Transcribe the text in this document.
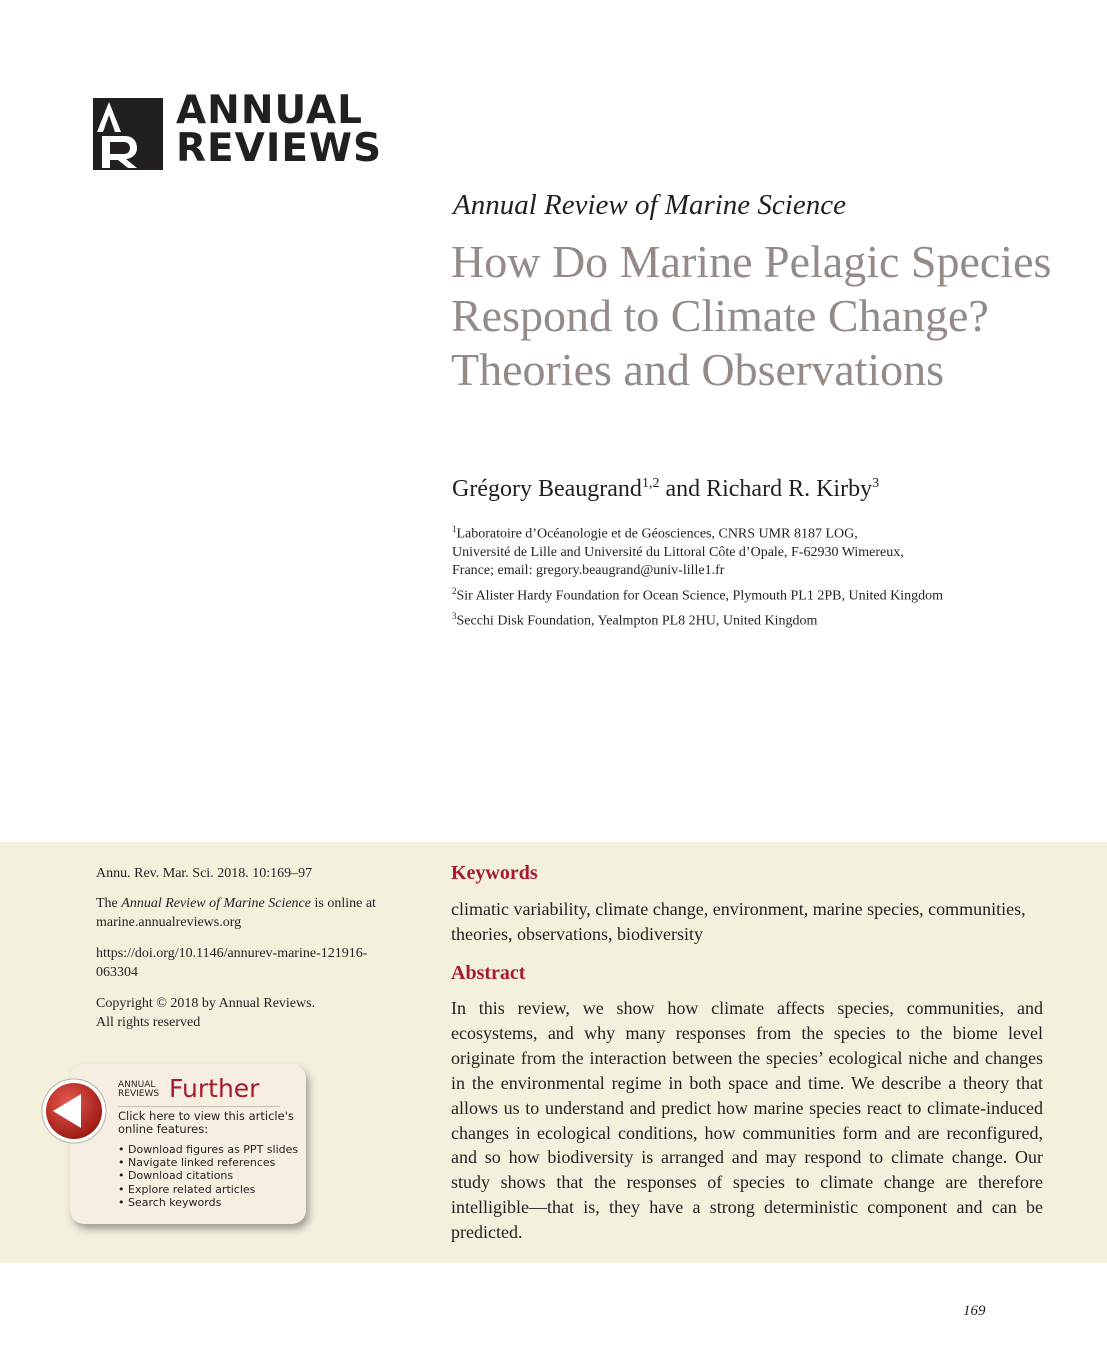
ANNUAL
REVIEWS
Annual Review of Marine Science
How Do Marine Pelagic Species Respond to Climate Change? Theories and Observations
Grégory Beaugrand$^{1,2}$ and Richard R. Kirby$^3$
$^1$Laboratoire d’Océanologie et de Géosciences, CNRS UMR 8187 LOG,
Université de Lille and Université du Littoral Côte d’Opale, F-62930 Wimereux,
France; email: gregory.beaugrand@univ-lille1.fr
$^2$Sir Alister Hardy Foundation for Ocean Science, Plymouth PL1 2PB, United Kingdom
$^3$Secchi Disk Foundation, Yealmpton PL8 2HU, United Kingdom
Annu. Rev. Mar. Sci. 2018. 10:169–97
The Annual Review of Marine Science is online at
marine.annualreviews.org
https://doi.org/10.1146/annurev-marine-121916-
063304
Copyright © 2018 by Annual Reviews.
All rights reserved
ANNUAL
REVIEWS Further
Click here to view this article's online features:
• Download figures as PPT slides
• Navigate linked references
• Download citations
• Explore related articles
• Search keywords
Keywords
climatic variability, climate change, environment, marine species, communities, theories, observations, biodiversity
Abstract
In this review, we show how climate affects species, communities, and ecosystems, and why many responses from the species to the biome level originate from the interaction between the species’ ecological niche and changes in the environmental regime in both space and time. We describe a theory that allows us to understand and predict how marine species react to climate-induced changes in ecological conditions, how communities form and are reconfigured, and so how biodiversity is arranged and may respond to climate change. Our study shows that the responses of species to climate change are therefore intelligible—that is, they have a strong deterministic component and can be predicted.
169
